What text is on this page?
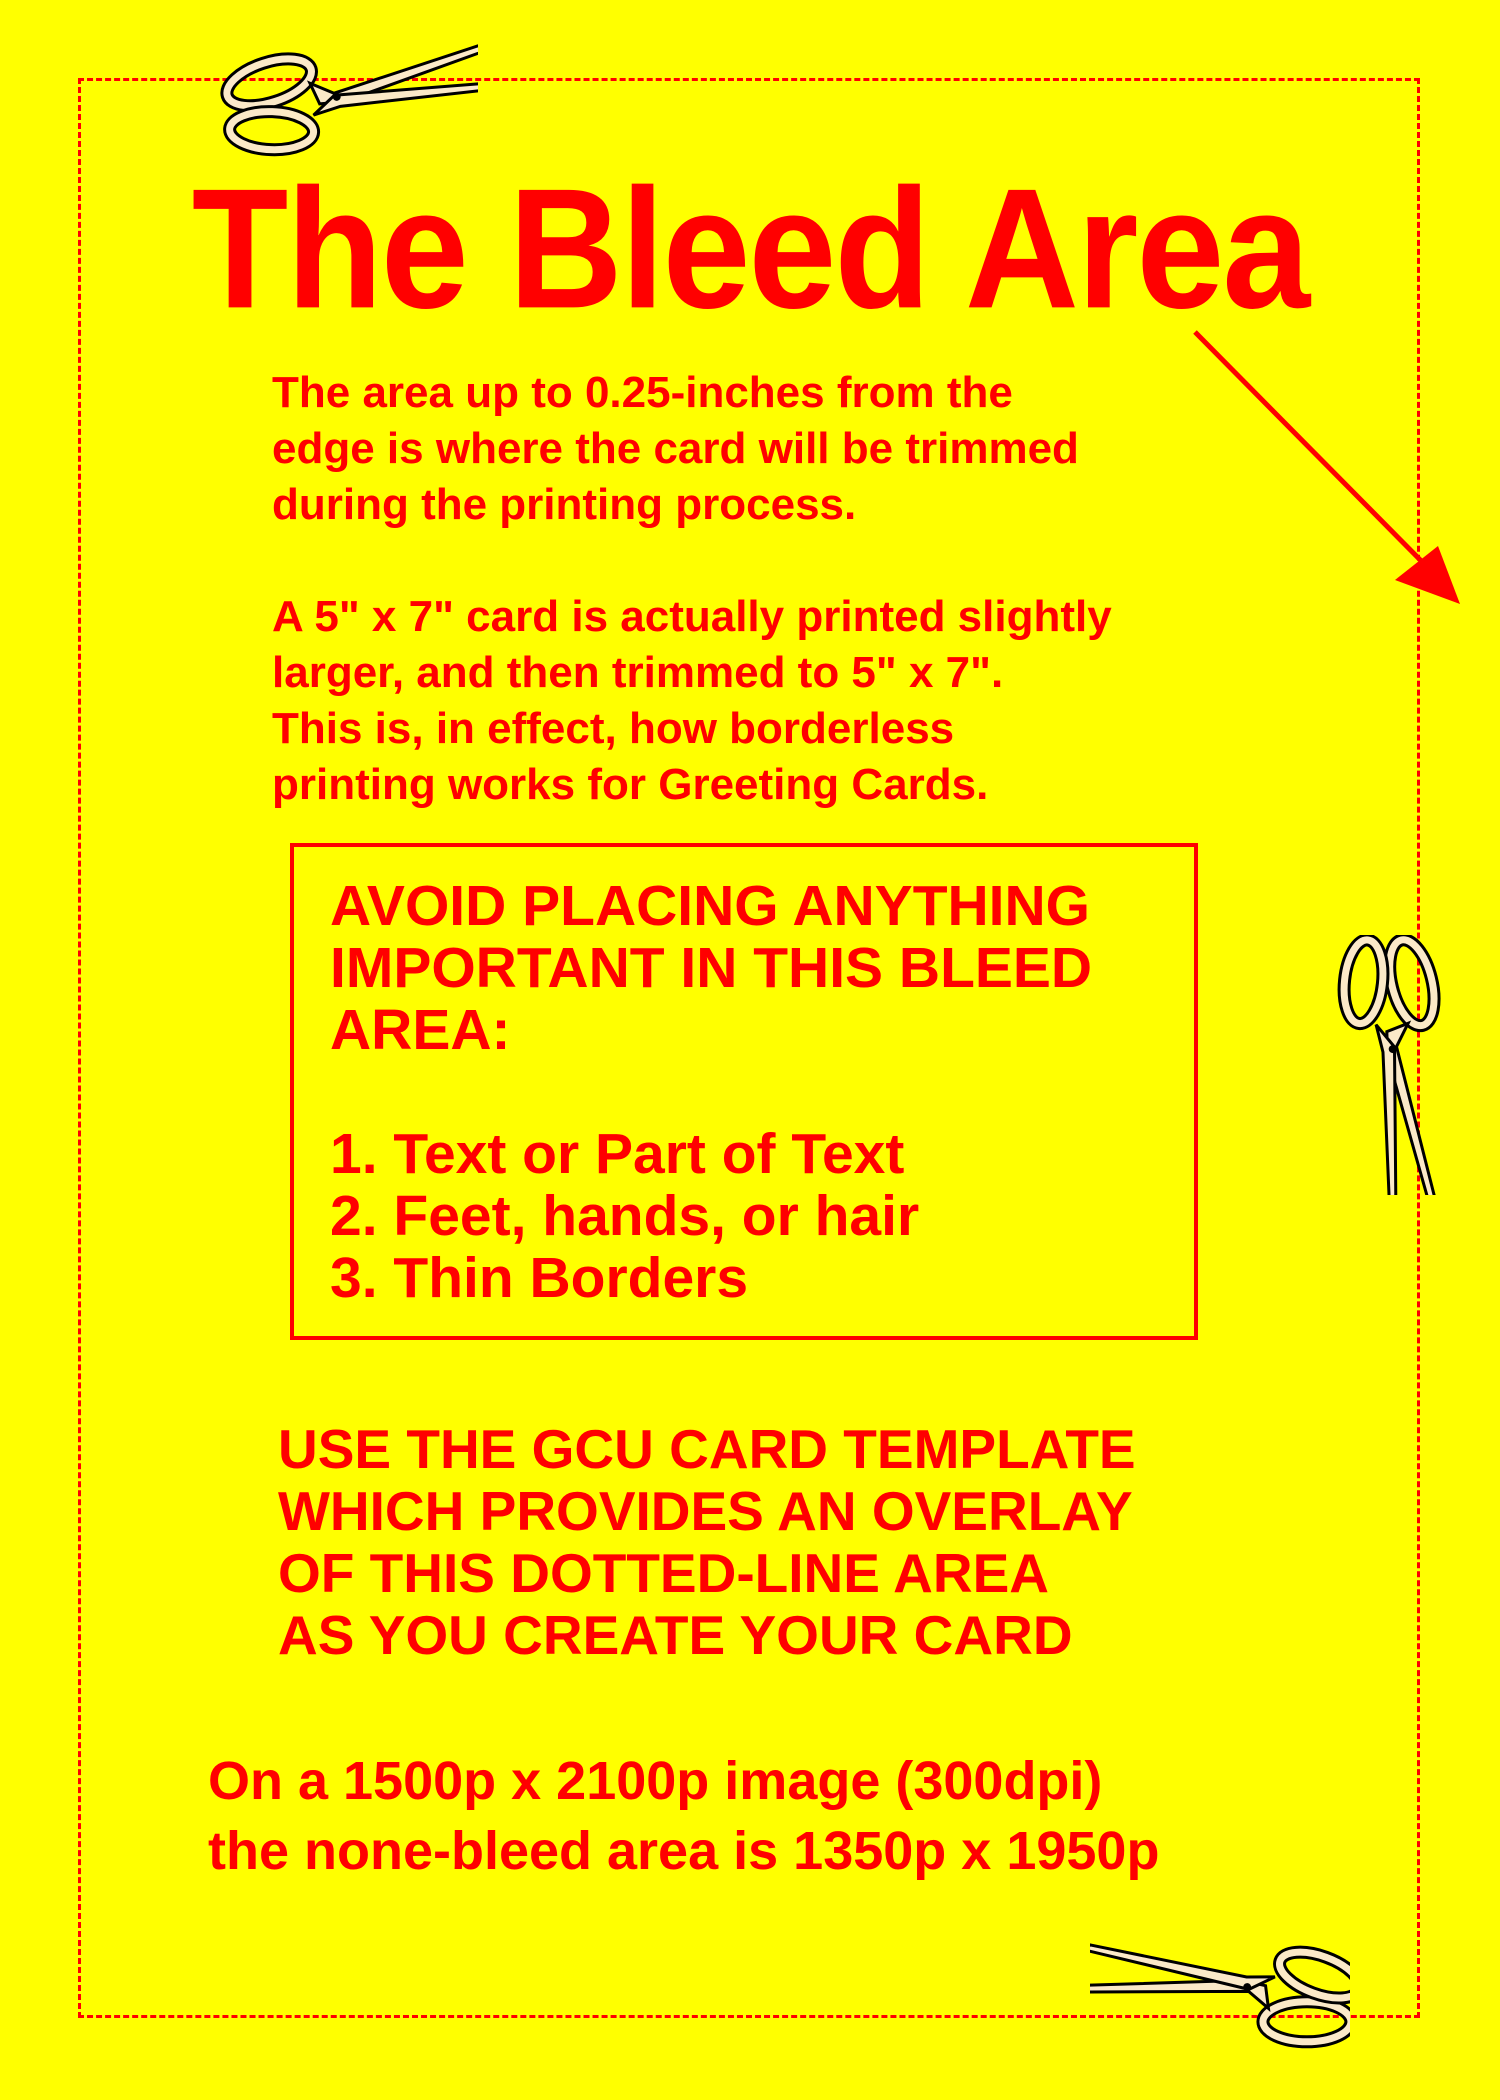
The Bleed Area

The area up to 0.25-inches from the
edge is where the card will be trimmed
during the printing process.

A 5" x 7" card is actually printed slightly
larger, and then trimmed to 5" x 7".
This is, in effect, how borderless
printing works for Greeting Cards.

AVOID PLACING ANYTHING
IMPORTANT IN THIS BLEED
AREA:
1. Text or Part of Text
2. Feet, hands, or hair
3. Thin Borders
USE THE GCU CARD TEMPLATE
WHICH PROVIDES AN OVERLAY
OF THIS DOTTED-LINE AREA
AS YOU CREATE YOUR CARD
On a 1500p x 2100p image (300dpi)
the none-bleed area is 1350p x 1950p
